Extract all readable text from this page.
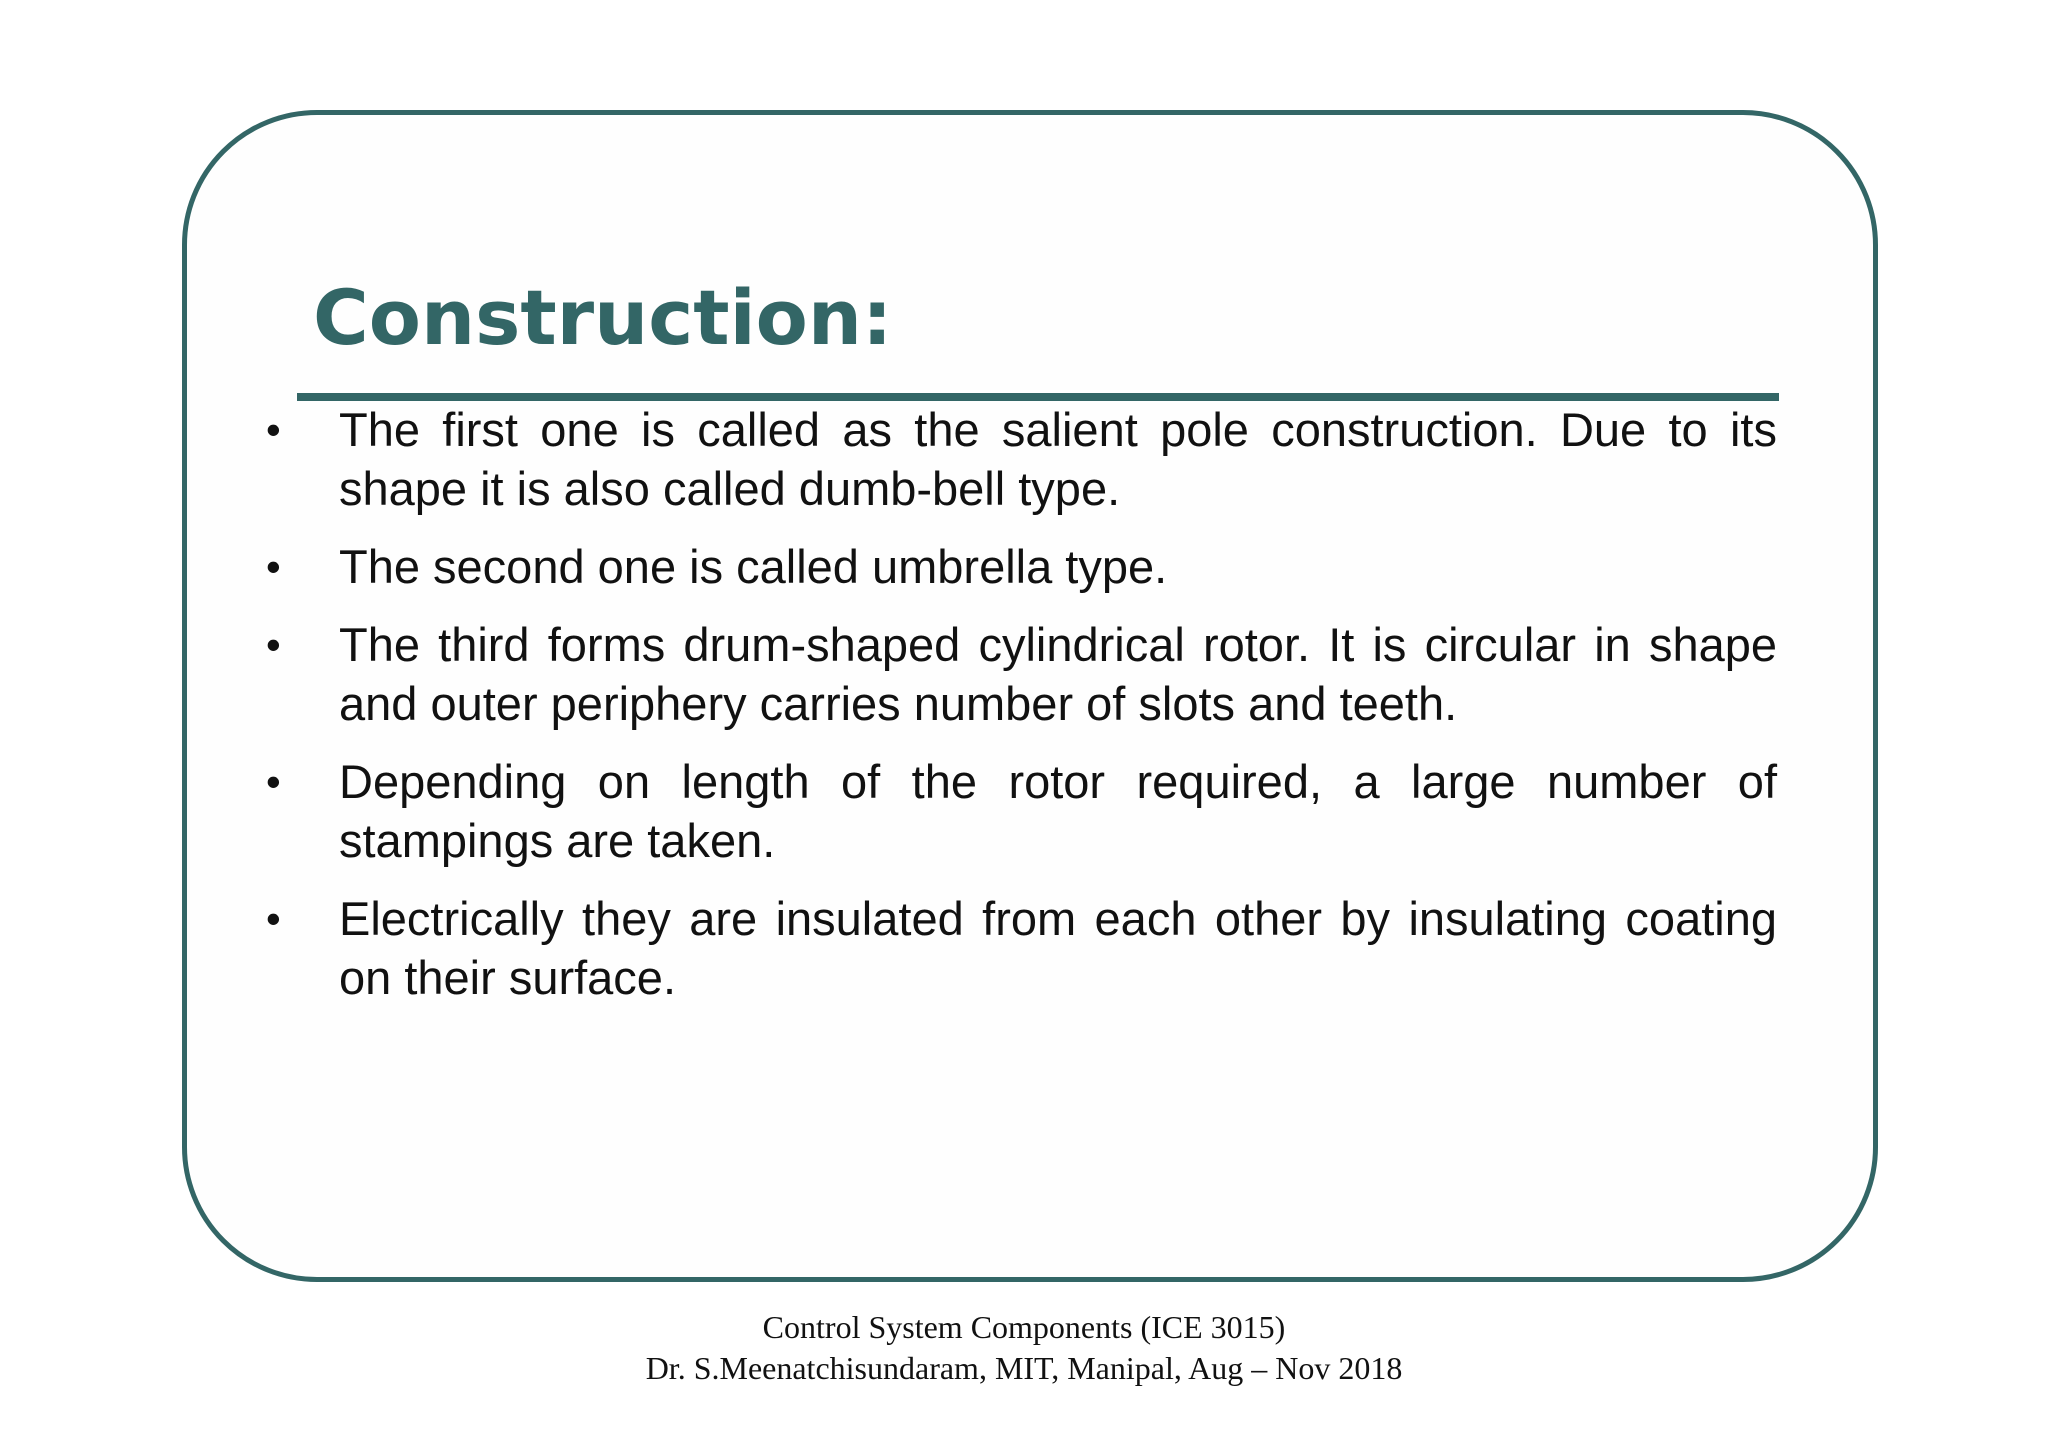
Construction:
•	The first one is called as the salient pole construction. Due to its shape it is also called dumb-bell type.
•	The second one is called umbrella type.
•	The third forms drum-shaped cylindrical rotor. It is circular in shape and outer periphery carries number of slots and teeth.
•	Depending on length of the rotor required, a large number of stampings are taken.
•	Electrically they are insulated from each other by insulating coating on their surface.
Control System Components (ICE 3015)
Dr. S.Meenatchisundaram, MIT, Manipal, Aug – Nov 2018
